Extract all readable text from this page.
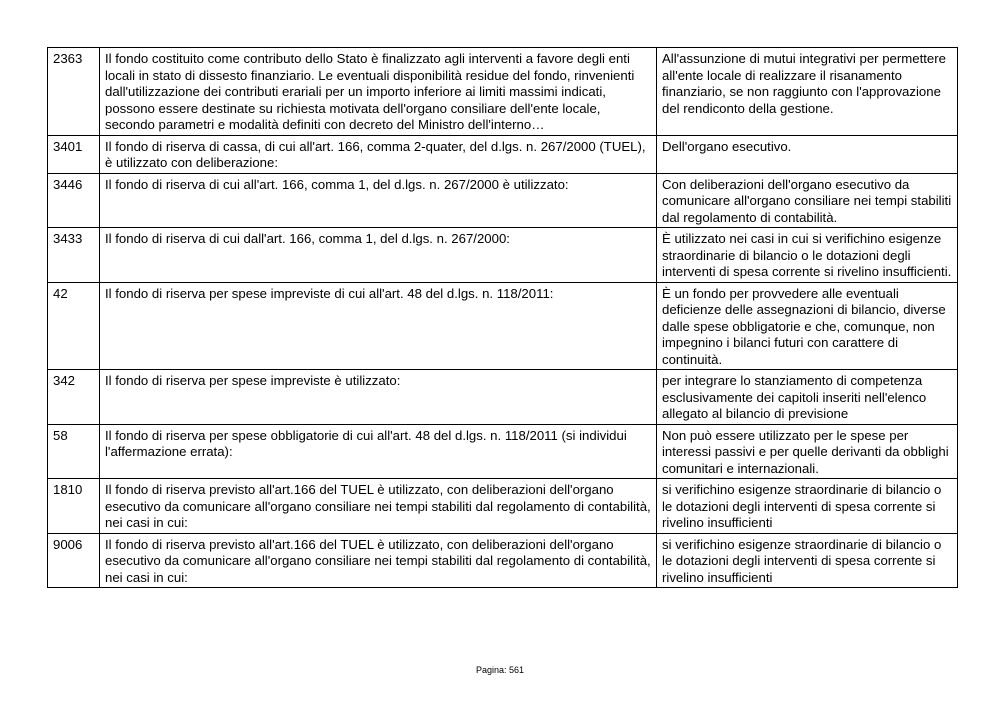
2363	Il fondo costituito come contributo dello Stato è finalizzato agli interventi a favore degli enti locali in stato di dissesto finanziario. Le eventuali disponibilità residue del fondo, rinvenienti dall'utilizzazione dei contributi erariali per un importo inferiore ai limiti massimi indicati, possono essere destinate su richiesta motivata dell'organo consiliare dell'ente locale, secondo parametri e modalità definiti con decreto del Ministro dell'interno…	All'assunzione di mutui integrativi per permettere all'ente locale di realizzare il risanamento finanziario, se non raggiunto con l'approvazione del rendiconto della gestione.
3401	Il fondo di riserva di cassa, di cui all'art. 166, comma 2-quater, del d.lgs. n. 267/2000 (TUEL), è utilizzato con deliberazione:	Dell'organo esecutivo.
3446	Il fondo di riserva di cui all'art. 166, comma 1, del d.lgs. n. 267/2000 è utilizzato:	Con deliberazioni dell'organo esecutivo da comunicare all'organo consiliare nei tempi stabiliti dal regolamento di contabilità.
3433	Il fondo di riserva di cui dall'art. 166, comma 1, del d.lgs. n. 267/2000:	È utilizzato nei casi in cui si verifichino esigenze straordinarie di bilancio o le dotazioni degli interventi di spesa corrente si rivelino insufficienti.
42	Il fondo di riserva per spese impreviste di cui all'art. 48 del d.lgs. n. 118/2011:	È un fondo per provvedere alle eventuali deficienze delle assegnazioni di bilancio, diverse dalle spese obbligatorie e che, comunque, non impegnino i bilanci futuri con carattere di continuità.
342	Il fondo di riserva per spese impreviste è utilizzato:	per integrare lo stanziamento di competenza esclusivamente dei capitoli inseriti nell'elenco allegato al bilancio di previsione
58	Il fondo di riserva per spese obbligatorie di cui all'art. 48 del d.lgs. n. 118/2011 (si individui l'affermazione errata):	Non può essere utilizzato per le spese per interessi passivi e per quelle derivanti da obblighi comunitari e internazionali.
1810	Il fondo di riserva previsto all'art.166 del TUEL è utilizzato, con deliberazioni dell'organo esecutivo da comunicare all'organo consiliare nei tempi stabiliti dal regolamento di contabilità, nei casi in cui:	si verifichino esigenze straordinarie di bilancio o le dotazioni degli interventi di spesa corrente si rivelino insufficienti
9006	Il fondo di riserva previsto all'art.166 del TUEL è utilizzato, con deliberazioni dell'organo esecutivo da comunicare all'organo consiliare nei tempi stabiliti dal regolamento di contabilità, nei casi in cui:	si verifichino esigenze straordinarie di bilancio o le dotazioni degli interventi di spesa corrente si rivelino insufficienti
Pagina: 561
